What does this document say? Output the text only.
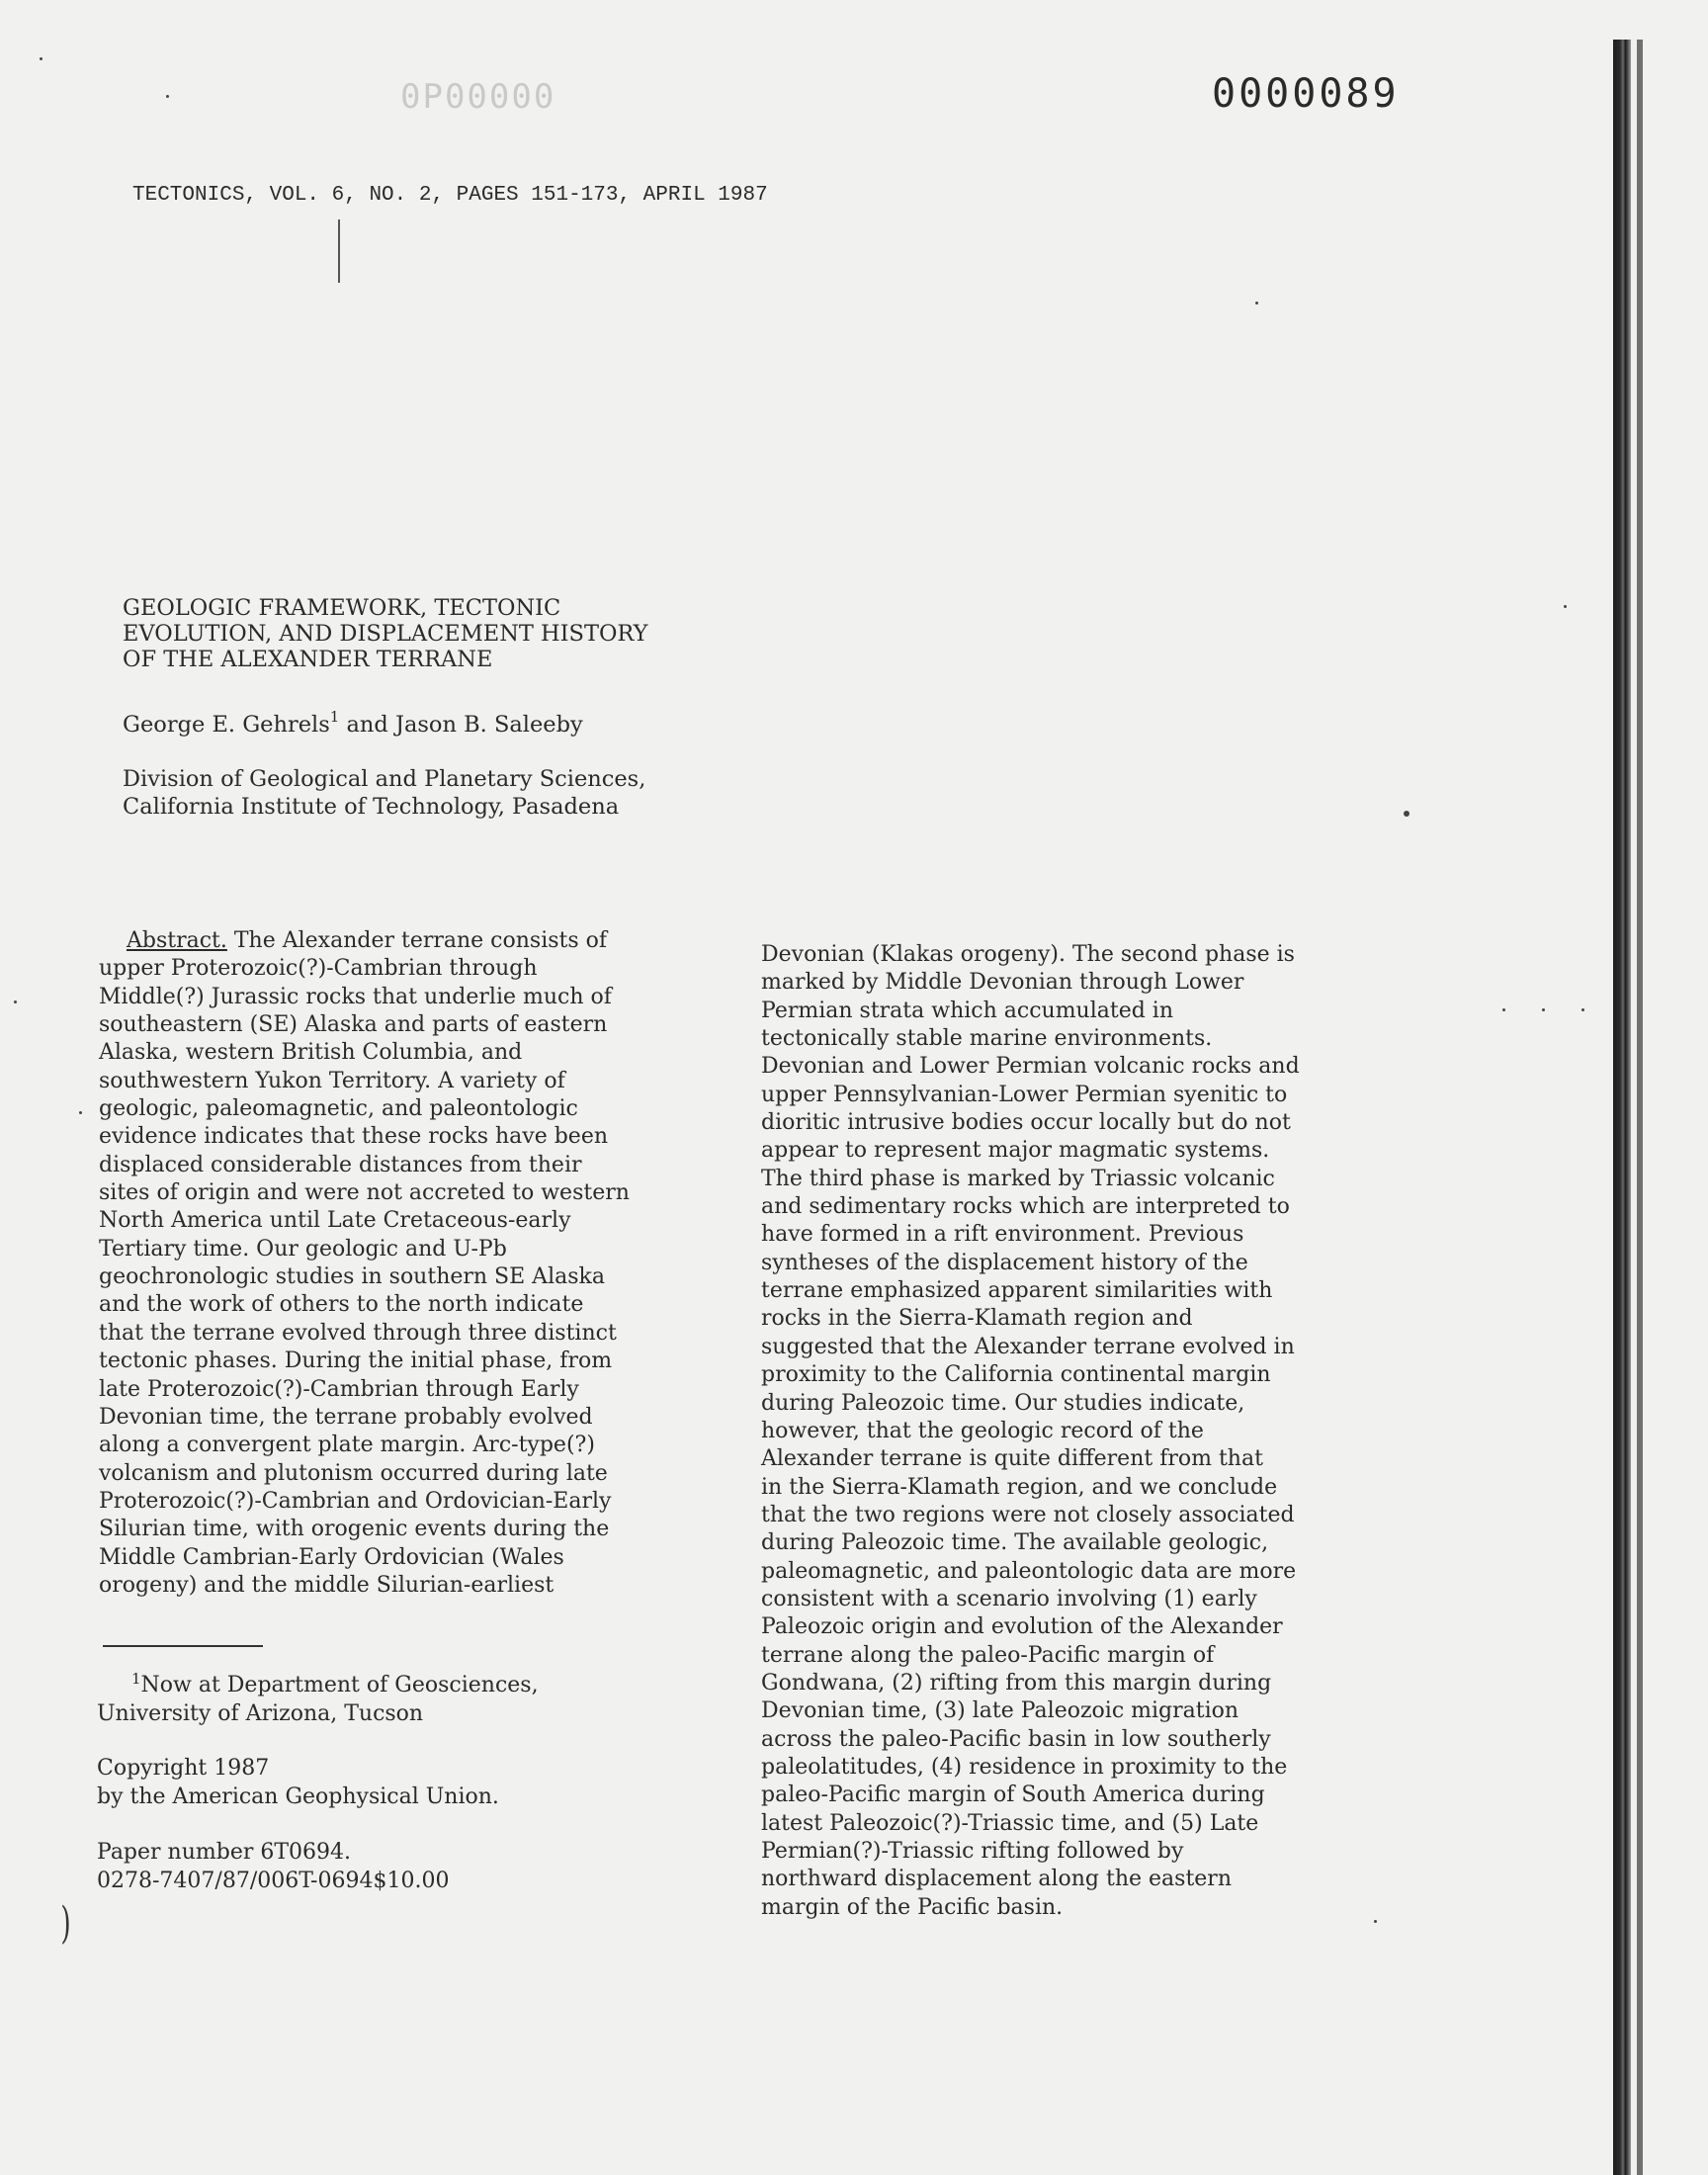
0P00000	0000089
TECTONICS, VOL. 6, NO. 2, PAGES 151-173, APRIL 1987
GEOLOGIC FRAMEWORK, TECTONIC
EVOLUTION, AND DISPLACEMENT HISTORY
OF THE ALEXANDER TERRANE
George E. Gehrels$^1$ and Jason B. Saleeby
Division of Geological and Planetary Sciences,
California Institute of Technology, Pasadena
Abstract. The Alexander terrane consists of
upper Proterozoic(?)-Cambrian through
Middle(?) Jurassic rocks that underlie much of
southeastern (SE) Alaska and parts of eastern
Alaska, western British Columbia, and
southwestern Yukon Territory. A variety of
geologic, paleomagnetic, and paleontologic
evidence indicates that these rocks have been
displaced considerable distances from their
sites of origin and were not accreted to western
North America until Late Cretaceous-early
Tertiary time. Our geologic and U-Pb
geochronologic studies in southern SE Alaska
and the work of others to the north indicate
that the terrane evolved through three distinct
tectonic phases. During the initial phase, from
late Proterozoic(?)-Cambrian through Early
Devonian time, the terrane probably evolved
along a convergent plate margin. Arc-type(?)
volcanism and plutonism occurred during late
Proterozoic(?)-Cambrian and Ordovician-Early
Silurian time, with orogenic events during the
Middle Cambrian-Early Ordovician (Wales
orogeny) and the middle Silurian-earliest
Devonian (Klakas orogeny). The second phase is
marked by Middle Devonian through Lower
Permian strata which accumulated in
tectonically stable marine environments.
Devonian and Lower Permian volcanic rocks and
upper Pennsylvanian-Lower Permian syenitic to
dioritic intrusive bodies occur locally but do not
appear to represent major magmatic systems.
The third phase is marked by Triassic volcanic
and sedimentary rocks which are interpreted to
have formed in a rift environment. Previous
syntheses of the displacement history of the
terrane emphasized apparent similarities with
rocks in the Sierra-Klamath region and
suggested that the Alexander terrane evolved in
proximity to the California continental margin
during Paleozoic time. Our studies indicate,
however, that the geologic record of the
Alexander terrane is quite different from that
in the Sierra-Klamath region, and we conclude
that the two regions were not closely associated
during Paleozoic time. The available geologic,
paleomagnetic, and paleontologic data are more
consistent with a scenario involving (1) early
Paleozoic origin and evolution of the Alexander
terrane along the paleo-Pacific margin of
Gondwana, (2) rifting from this margin during
Devonian time, (3) late Paleozoic migration
across the paleo-Pacific basin in low southerly
paleolatitudes, (4) residence in proximity to the
paleo-Pacific margin of South America during
latest Paleozoic(?)-Triassic time, and (5) Late
Permian(?)-Triassic rifting followed by
northward displacement along the eastern
margin of the Pacific basin.
$^1$Now at Department of Geosciences,
University of Arizona, Tucson
Copyright 1987
by the American Geophysical Union.
Paper number 6T0694.
0278-7407/87/006T-0694$10.00
)
